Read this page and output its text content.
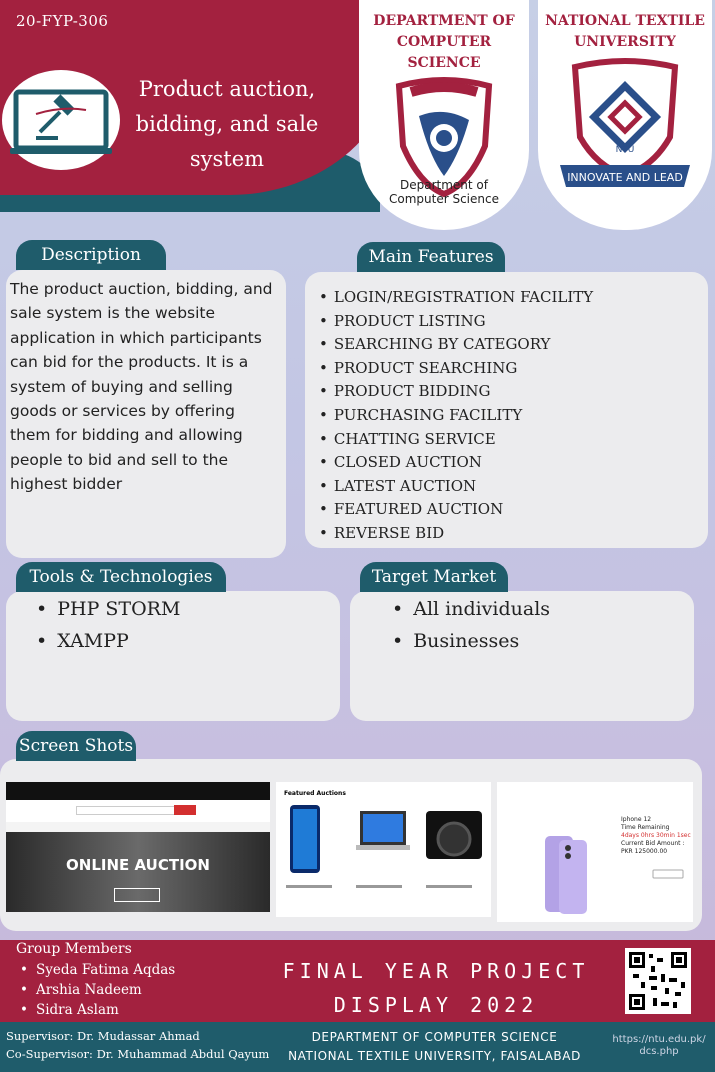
20-FYP-306
Product auction, bidding, and sale system
DEPARTMENT OF COMPUTER SCIENCE
BEYOND YOUR IMAGINATION
Department of Computer Science
NATIONAL TEXTILE UNIVERSITY
NTU
INNOVATE AND LEAD
Description

The product auction, bidding, and sale system is the website application in which participants can bid for the products. It is a system of buying and selling goods or services by offering them for bidding and allowing people to bid and sell to the highest bidder

Main Features
• LOGIN/REGISTRATION FACILITY
• PRODUCT LISTING
• SEARCHING BY CATEGORY
• PRODUCT SEARCHING
• PRODUCT BIDDING
• PURCHASING FACILITY
• CHATTING SERVICE
• CLOSED AUCTION
• LATEST AUCTION
• FEATURED AUCTION
• REVERSE BID
Tools & Technologies
• PHP STORM
• XAMPP
Target Market
• All individuals
• Businesses
Screen Shots
ONLINE AUCTION
Featured Auctions
Iphone 12
Time Remaining
4days 0hrs 30min 1sec
Current Bid Amount :
PKR 125000.00
Group Members
• Syeda Fatima Aqdas
• Arshia Nadeem
• Sidra Aslam
FINAL YEAR PROJECT
DISPLAY 2022
Supervisor: Dr. Mudassar Ahmad
Co-Supervisor: Dr. Muhammad Abdul Qayum
DEPARTMENT OF COMPUTER SCIENCE
NATIONAL TEXTILE UNIVERSITY, FAISALABAD
https://ntu.edu.pk/ dcs.php
